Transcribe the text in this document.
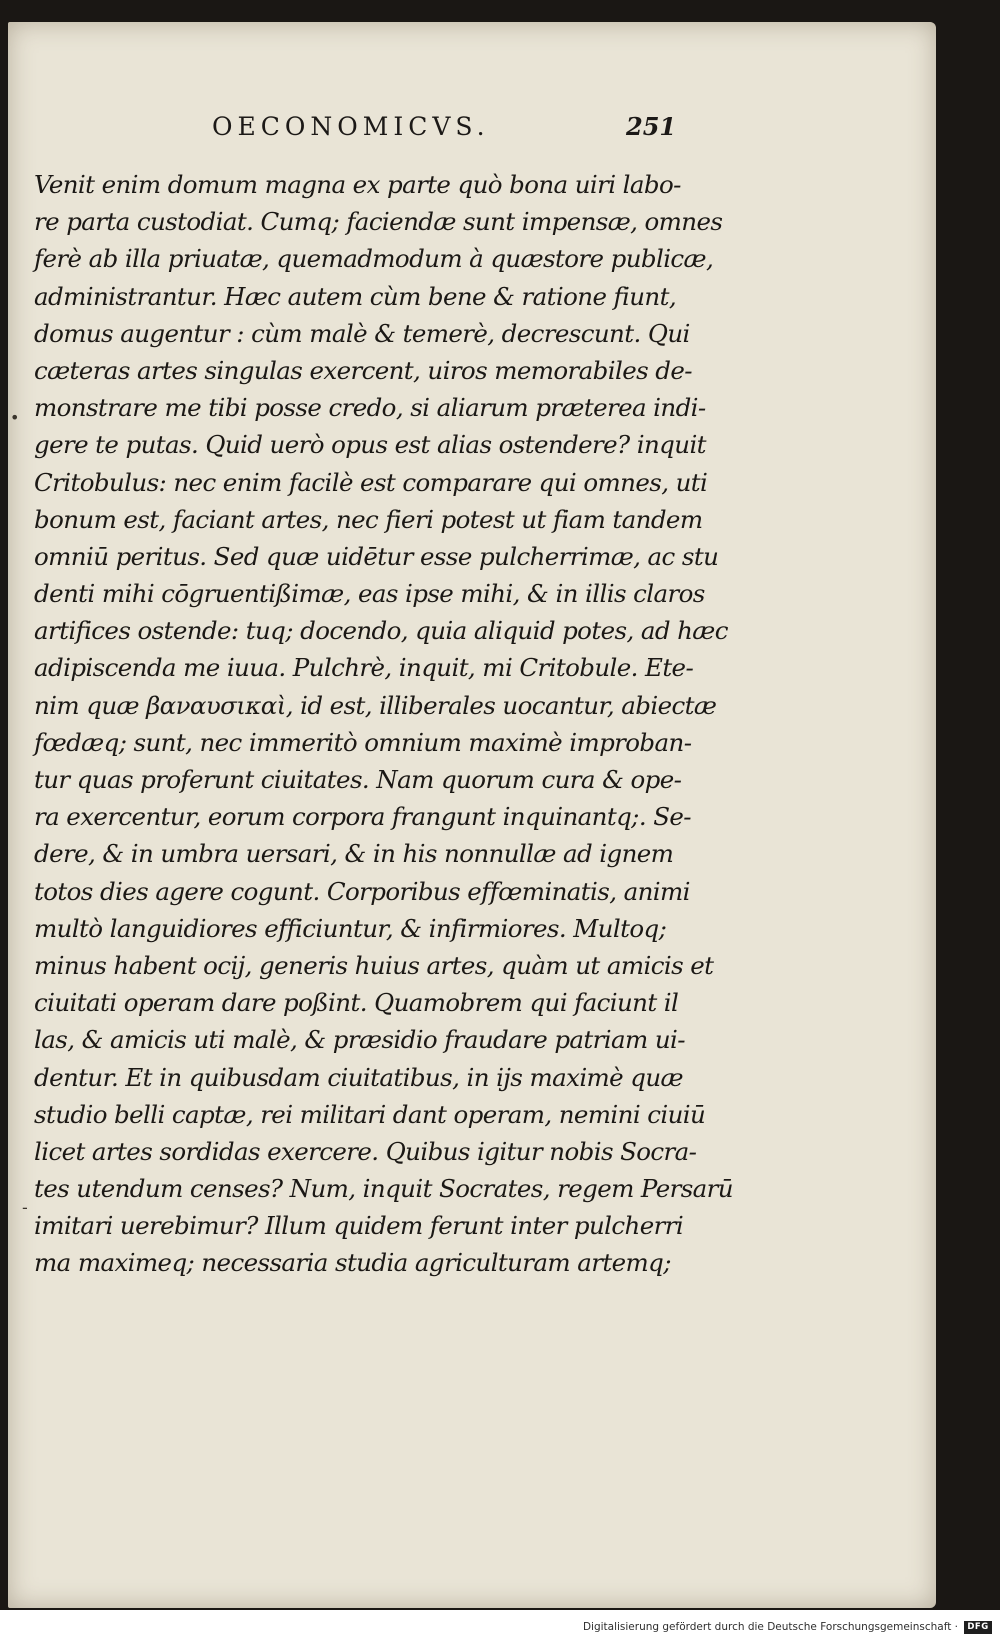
OECONOMICVS.	251
Venit enim domum magna ex parte quò bona uiri labo-
re parta custodiat. Cumq; faciendæ sunt impensæ, omnes
ferè ab illa priuatæ, quemadmodum à quæstore publicæ,
administrantur. Hæc autem cùm bene & ratione fiunt,
domus augentur : cùm malè & temerè, decrescunt. Qui
cæteras artes singulas exercent, uiros memorabiles de-
monstrare me tibi posse credo, si aliarum præterea indi-
gere te putas. Quid uerò opus est alias ostendere? inquit
Critobulus: nec enim facilè est comparare qui omnes, uti
bonum est, faciant artes, nec fieri potest ut fiam tandem
omniū peritus. Sed quæ uidētur esse pulcherrimæ, ac stu
denti mihi cōgruentißimæ, eas ipse mihi, & in illis claros
artifices ostende: tuq; docendo, quia aliquid potes, ad hæc
adipiscenda me iuua. Pulchrè, inquit, mi Critobule. Ete-
nim quæ βαναυσικαὶ, id est, illiberales uocantur, abiectæ
fœdæq; sunt, nec immeritò omnium maximè improban-
tur quas proferunt ciuitates. Nam quorum cura & ope-
ra exercentur, eorum corpora frangunt inquinantq;. Se-
dere, & in umbra uersari, & in his nonnullæ ad ignem
totos dies agere cogunt. Corporibus effœminatis, animi
multò languidiores efficiuntur, & infirmiores. Multoq;
minus habent ocij, generis huius artes, quàm ut amicis et
ciuitati operam dare poßint. Quamobrem qui faciunt il
las, & amicis uti malè, & præsidio fraudare patriam ui-
dentur. Et in quibusdam ciuitatibus, in ijs maximè quæ
studio belli captæ, rei militari dant operam, nemini ciuiū
licet artes sordidas exercere. Quibus igitur nobis Socra-
tes utendum censes? Num, inquit Socrates, regem Persarū
imitari uerebimur? Illum quidem ferunt inter pulcherri
ma maximeq; necessaria studia agriculturam artemq;
•
‑
Digitalisierung gefördert durch die Deutsche Forschungsgemeinschaft ·	DFG
